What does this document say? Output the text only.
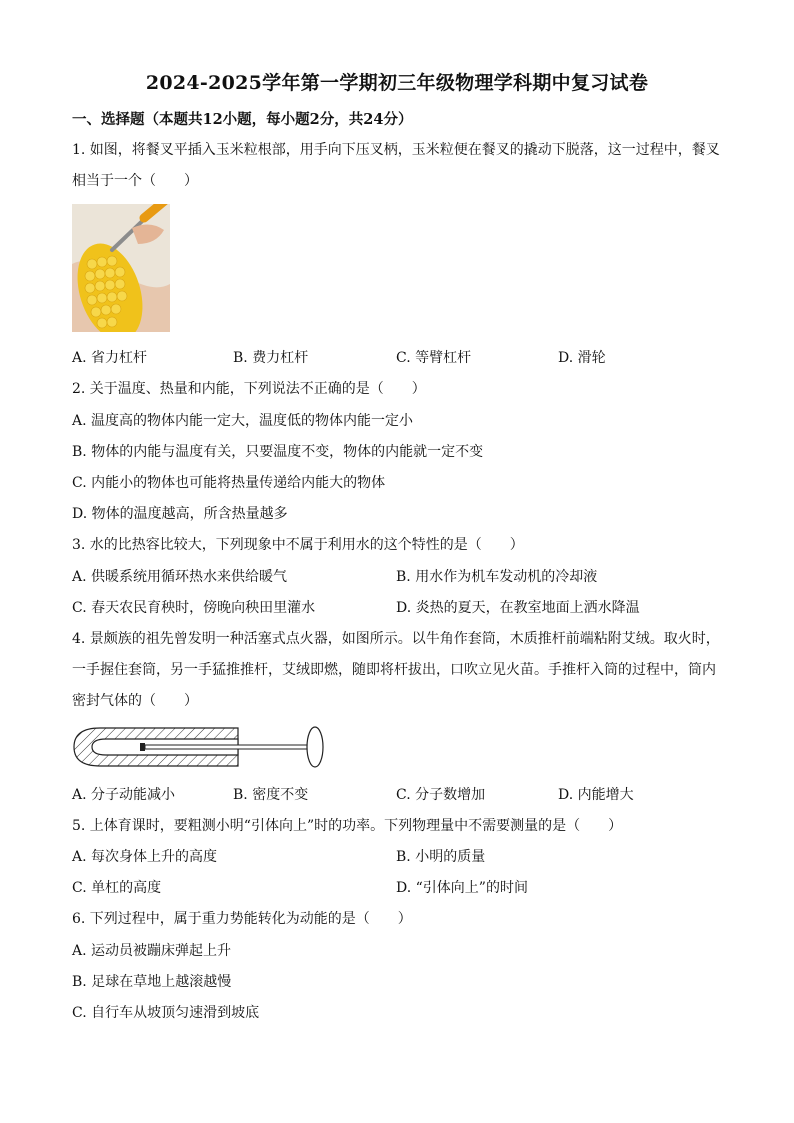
2024-2025学年第一学期初三年级物理学科期中复习试卷
一、选择题（本题共12小题，每小题2分，共24分）
1. 如图，将餐叉平插入玉米粒根部，用手向下压叉柄，玉米粒便在餐叉的撬动下脱落，这一过程中，餐叉
相当于一个（　　）
A. 省力杠杆	B. 费力杠杆	C. 等臂杠杆	D. 滑轮
2. 关于温度、热量和内能，下列说法不正确的是（　　）
A. 温度高的物体内能一定大，温度低的物体内能一定小
B. 物体的内能与温度有关，只要温度不变，物体的内能就一定不变
C. 内能小的物体也可能将热量传递给内能大的物体
D. 物体的温度越高，所含热量越多
3. 水的比热容比较大，下列现象中不属于利用水的这个特性的是（　　）
A. 供暖系统用循环热水来供给暖气	B. 用水作为机车发动机的冷却液
C. 春天农民育秧时，傍晚向秧田里灌水	D. 炎热的夏天，在教室地面上洒水降温
4. 景颇族的祖先曾发明一种活塞式点火器，如图所示。以牛角作套筒，木质推杆前端粘附艾绒。取火时，
一手握住套筒，另一手猛推推杆，艾绒即燃，随即将杆拔出，口吹立见火苗。手推杆入筒的过程中，筒内
密封气体的（　　）
A. 分子动能减小	B. 密度不变	C. 分子数增加	D. 内能增大
5. 上体育课时，要粗测小明“引体向上”时的功率。下列物理量中不需要测量的是（　　）
A. 每次身体上升的高度	B. 小明的质量
C. 单杠的高度	D. “引体向上”的时间
6. 下列过程中，属于重力势能转化为动能的是（　　）
A. 运动员被蹦床弹起上升
B. 足球在草地上越滚越慢
C. 自行车从坡顶匀速滑到坡底
